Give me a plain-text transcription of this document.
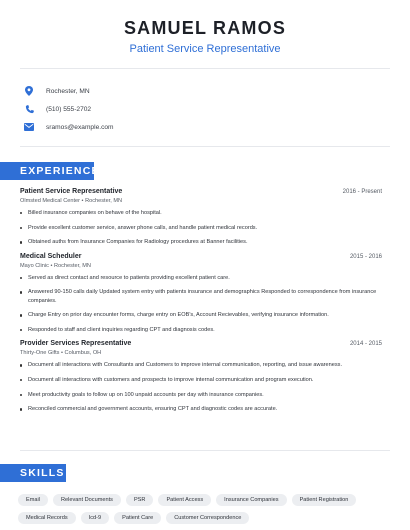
SAMUEL RAMOS
Patient Service Representative
Rochester, MN
(510) 555-2702
sramos@example.com
EXPERIENCE
Patient Service Representative	2016 - Present
Olmsted Medical Center • Rochester, MN
Billed insurance companies on behave of the hospital.
Provide excellent customer service, answer phone calls, and handle patient medical records.
Obtained auths from Insurance Companies for Radiology procedures at Banner facilities.
Medical Scheduler	2015 - 2016
Mayo Clinic • Rochester, MN
Served as direct contact and resource to patients providing excellent patient care.
Answered 90-150 calls daily Updated system entry with patients insurance and demographics Responded to correspondence from insurance companies.
Charge Entry on prior day encounter forms, charge entry on EOB's, Account Recievables, verifying insurance information.
Responded to staff and client inquiries regarding CPT and diagnosis codes.
Provider Services Representative	2014 - 2015
Thirty-One Gifts • Columbus, OH
Document all interactions with Consultants and Customers to improve internal communication, reporting, and issue awareness.
Document all interactions with customers and prospects to improve internal communication and program execution.
Meet productivity goals to follow up on 100 unpaid accounts per day with insurance companies.
Reconciled commercial and government accounts, ensuring CPT and diagnostic codes are accurate.
SKILLS
Email	Relevant Documents	PSR	Patient Access	Insurance Companies	Patient Registration
Medical Records	Icd-9	Patient Care	Customer Correspondence
